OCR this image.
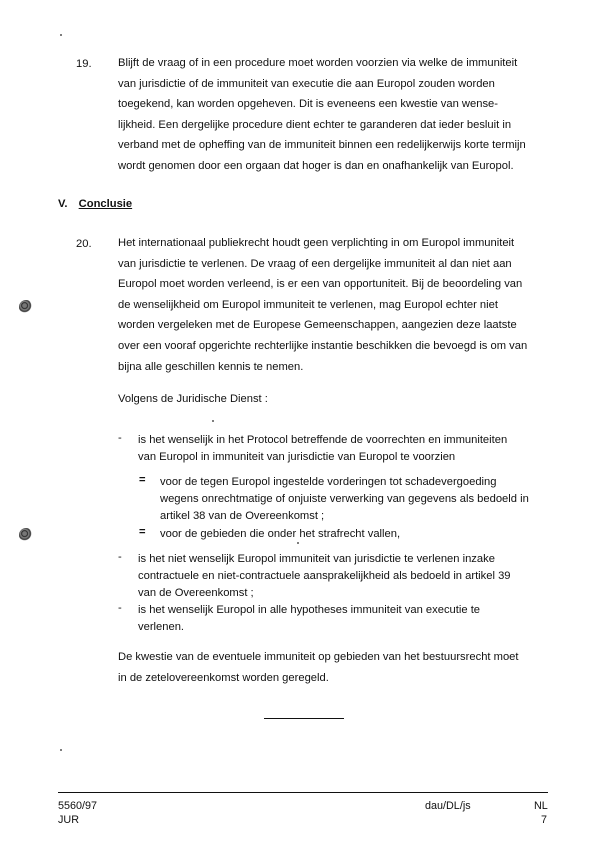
19. Blijft de vraag of in een procedure moet worden voorzien via welke de immuniteit
van jurisdictie of de immuniteit van executie die aan Europol zouden worden
toegekend, kan worden opgeheven. Dit is eveneens een kwestie van wense-
lijkheid. Een dergelijke procedure dient echter te garanderen dat ieder besluit in
verband met de opheffing van de immuniteit binnen een redelijkerwijs korte termijn
wordt genomen door een orgaan dat hoger is dan en onafhankelijk van Europol.
V. Conclusie
20. Het internationaal publiekrecht houdt geen verplichting in om Europol immuniteit
van jurisdictie te verlenen. De vraag of een dergelijke immuniteit al dan niet aan
Europol moet worden verleend, is er een van opportuniteit. Bij de beoordeling van
de wenselijkheid om Europol immuniteit te verlenen, mag Europol echter niet
worden vergeleken met de Europese Gemeenschappen, aangezien deze laatste
over een vooraf opgerichte rechterlijke instantie beschikken die bevoegd is om van
bijna alle geschillen kennis te nemen.
Volgens de Juridische Dienst :
- is het wenselijk in het Protocol betreffende de voorrechten en immuniteiten
van Europol in immuniteit van jurisdictie van Europol te voorzien
= voor de tegen Europol ingestelde vorderingen tot schadevergoeding
wegens onrechtmatige of onjuiste verwerking van gegevens als bedoeld in
artikel 38 van de Overeenkomst ;
= voor de gebieden die onder het strafrecht vallen,
- is het niet wenselijk Europol immuniteit van jurisdictie te verlenen inzake
contractuele en niet-contractuele aansprakelijkheid als bedoeld in artikel 39
van de Overeenkomst ;
- is het wenselijk Europol in alle hypotheses immuniteit van executie te
verlenen.
De kwestie van de eventuele immuniteit op gebieden van het bestuursrecht moet
in de zetelovereenkomst worden geregeld.
5560/97
JUR
dau/DL/js	NL
7
